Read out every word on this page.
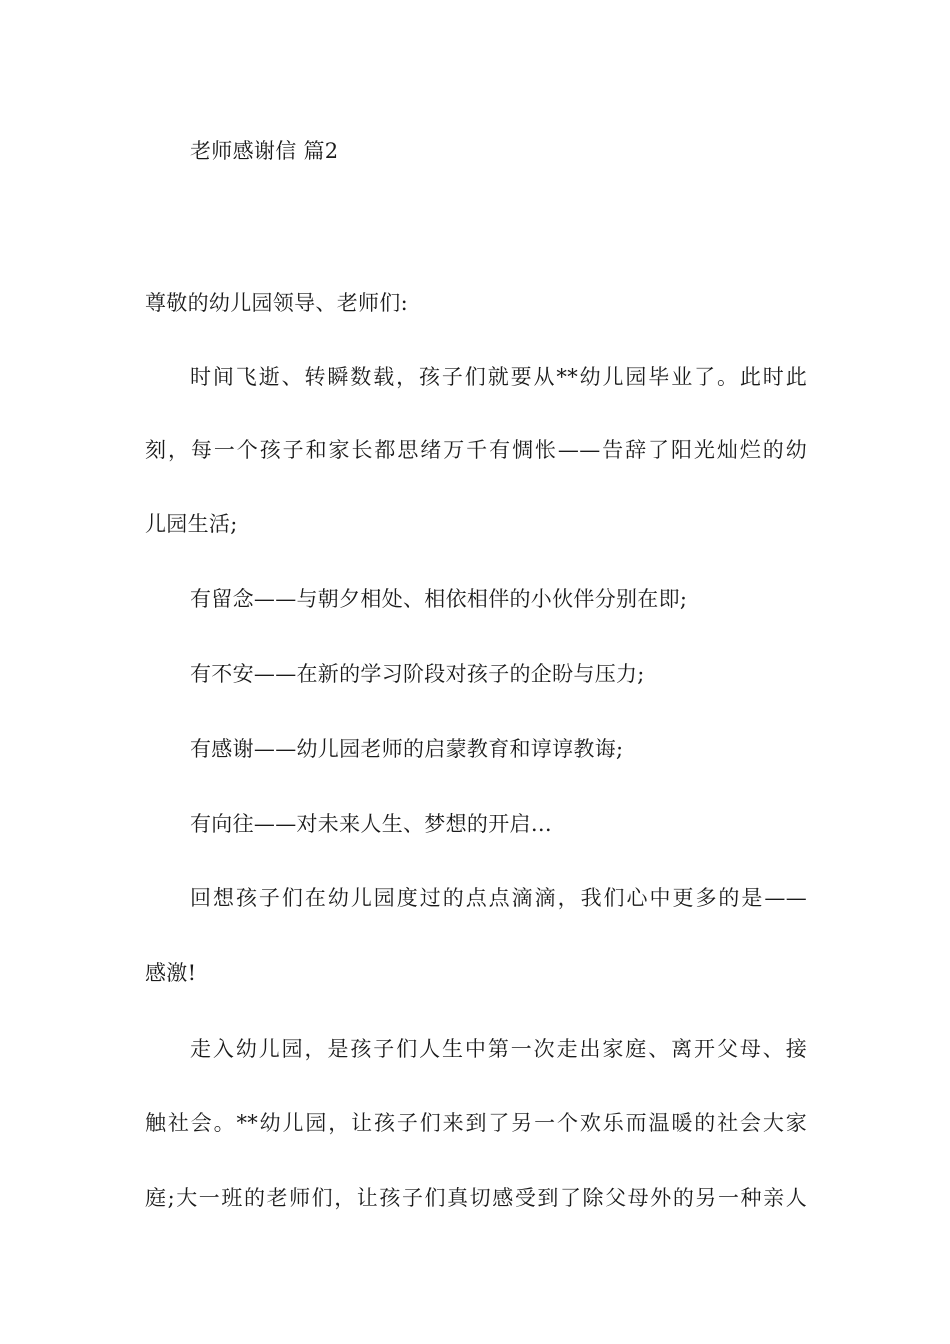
老师感谢信 篇2
尊敬的幼儿园领导、老师们:
时间飞逝、转瞬数载，孩子们就要从**幼儿园毕业了。此时此
刻，每一个孩子和家长都思绪万千有惆怅——告辞了阳光灿烂的幼
儿园生活;
有留念——与朝夕相处、相依相伴的小伙伴分别在即;
有不安——在新的学习阶段对孩子的企盼与压力;
有感谢——幼儿园老师的启蒙教育和谆谆教诲;
有向往——对未来人生、梦想的开启…
回想孩子们在幼儿园度过的点点滴滴，我们心中更多的是——
感激!
走入幼儿园，是孩子们人生中第一次走出家庭、离开父母、接
触社会。**幼儿园，让孩子们来到了另一个欢乐而温暖的社会大家
庭;大一班的老师们，让孩子们真切感受到了除父母外的另一种亲人
